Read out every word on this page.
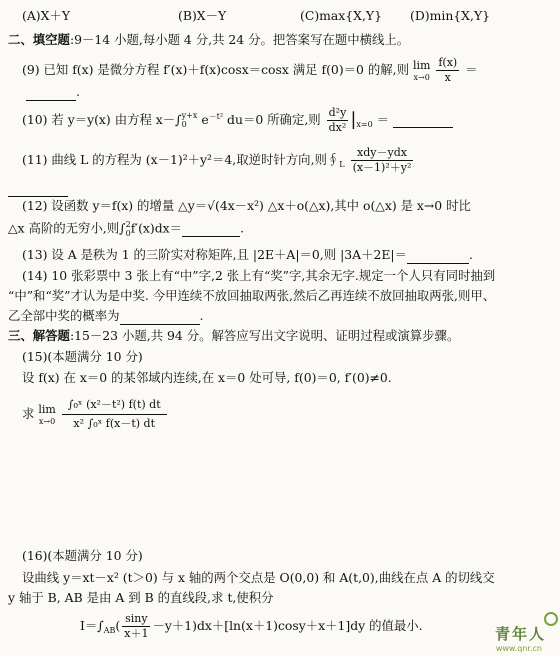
(A)X＋Y	(B)X－Y	(C)max{X,Y} (D)min{X,Y}
二、填空题:9－14 小题,每小题 4 分,共 24 分。把答案写在题中横线上。
(9) 已知 f(x) 是微分方程 f′(x)＋f(x)cosx＝cosx 满足 f(0)＝0 的解,则 lim
x→0
$\frac{f(x)}{x}$ ＝
.
(10) 若 y＝y(x) 由方程 x－∫ y+x
0	$e^{-t^2}$ du＝0 所确定,则 $\frac{\text{d²y}}{\text{dx²}} |_{x=0}$ ＝
(11) 曲线 L 的方程为 (x－1)²＋y²＝4,取逆时针方向,则$∮_L \frac{\text{xdy－ydx}}{\text{(x－1)²＋y²}}$

(12) 设函数 y＝f(x) 的增量 △y＝√(4x－x²) △x＋o(△x),其中 o(△x) 是 x→0 时比
△x 高阶的无穷小,则∫ 2
0 f′(x)dx＝	.
(13) 设 A 是秩为 1 的三阶实对称矩阵,且 |2E＋A|＝0,则 |3A＋2E|＝	.
(14) 10 张彩票中 3 张上有“中”字,2 张上有“奖”字,其余无字.规定一个人只有同时抽到
“中”和“奖”才认为是中奖. 今甲连续不放回抽取两张,然后乙再连续不放回抽取两张,则甲、
乙全部中奖的概率为	.
三、解答题:15－23 小题,共 94 分。解答应写出文字说明、证明过程或演算步骤。
(15)(本题满分 10 分)
设 f(x) 在 x＝0 的某邻域内连续,在 x＝0 处可导, f(0)＝0, f′(0)≠0.
求 lim
x→0
$\frac{\text{∫₀ˣ (x²－t²) f(t) dt}}{\text{x² ∫₀ˣ f(x－t) dt}}$
(16)(本题满分 10 分)
设曲线 y＝xt－x² (t＞0) 与 x 轴的两个交点是 O(0,0) 和 A(t,0),曲线在点 A 的切线交
y 轴于 B, AB 是由 A 到 B 的直线段,求 t,使积分
$I=\int_{AB}( \frac{\sin y}{x+1} -y+1)dx+[\ln(x+1)\cos y+x+1]dy$ 的值最小.	青年人
www.qnr.cn
